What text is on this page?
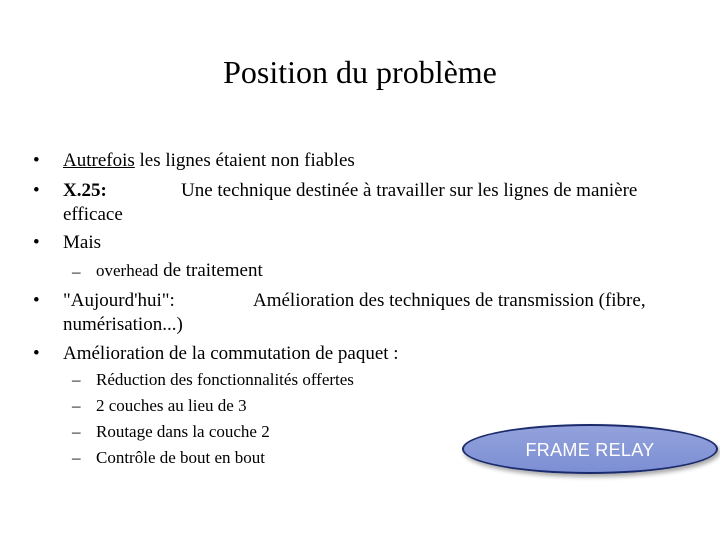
Position du problème
• Autrefois les lignes étaient non fiables
• X.25:	Une technique destinée à travailler sur les lignes de manière
efficace
• Mais
– overhead de traitement
• "Aujourd'hui":	Amélioration des techniques de transmission (fibre,
numérisation...)
• Amélioration de la commutation de paquet :
– Réduction des fonctionnalités offertes
– 2 couches au lieu de 3
– Routage dans la couche 2
– Contrôle de bout en bout	FRAME RELAY
